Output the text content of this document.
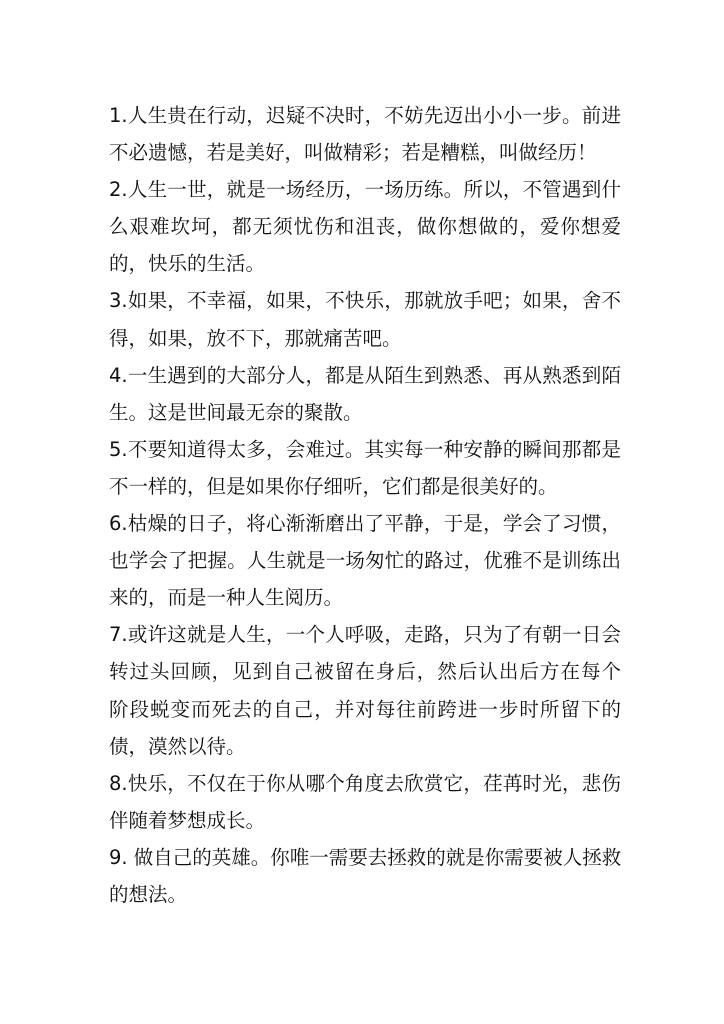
1.人生贵在行动，迟疑不决时，不妨先迈出小小一步。前进
不必遗憾，若是美好，叫做精彩；若是糟糕，叫做经历！
2.人生一世，就是一场经历，一场历练。所以，不管遇到什
么艰难坎坷，都无须忧伤和沮丧，做你想做的，爱你想爱
的，快乐的生活。
3.如果，不幸福，如果，不快乐，那就放手吧；如果，舍不
得，如果，放不下，那就痛苦吧。
4.一生遇到的大部分人，都是从陌生到熟悉、再从熟悉到陌
生。这是世间最无奈的聚散。
5.不要知道得太多，会难过。其实每一种安静的瞬间那都是
不一样的，但是如果你仔细听，它们都是很美好的。
6.枯燥的日子，将心渐渐磨出了平静，于是，学会了习惯，
也学会了把握。人生就是一场匆忙的路过，优雅不是训练出
来的，而是一种人生阅历。
7.或许这就是人生，一个人呼吸，走路，只为了有朝一日会
转过头回顾，见到自己被留在身后，然后认出后方在每个
阶段蜕变而死去的自己，并对每往前跨进一步时所留下的
债，漠然以待。
8.快乐，不仅在于你从哪个角度去欣赏它，荏苒时光，悲伤
伴随着梦想成长。
9. 做自己的英雄。你唯一需要去拯救的就是你需要被人拯救
的想法。
